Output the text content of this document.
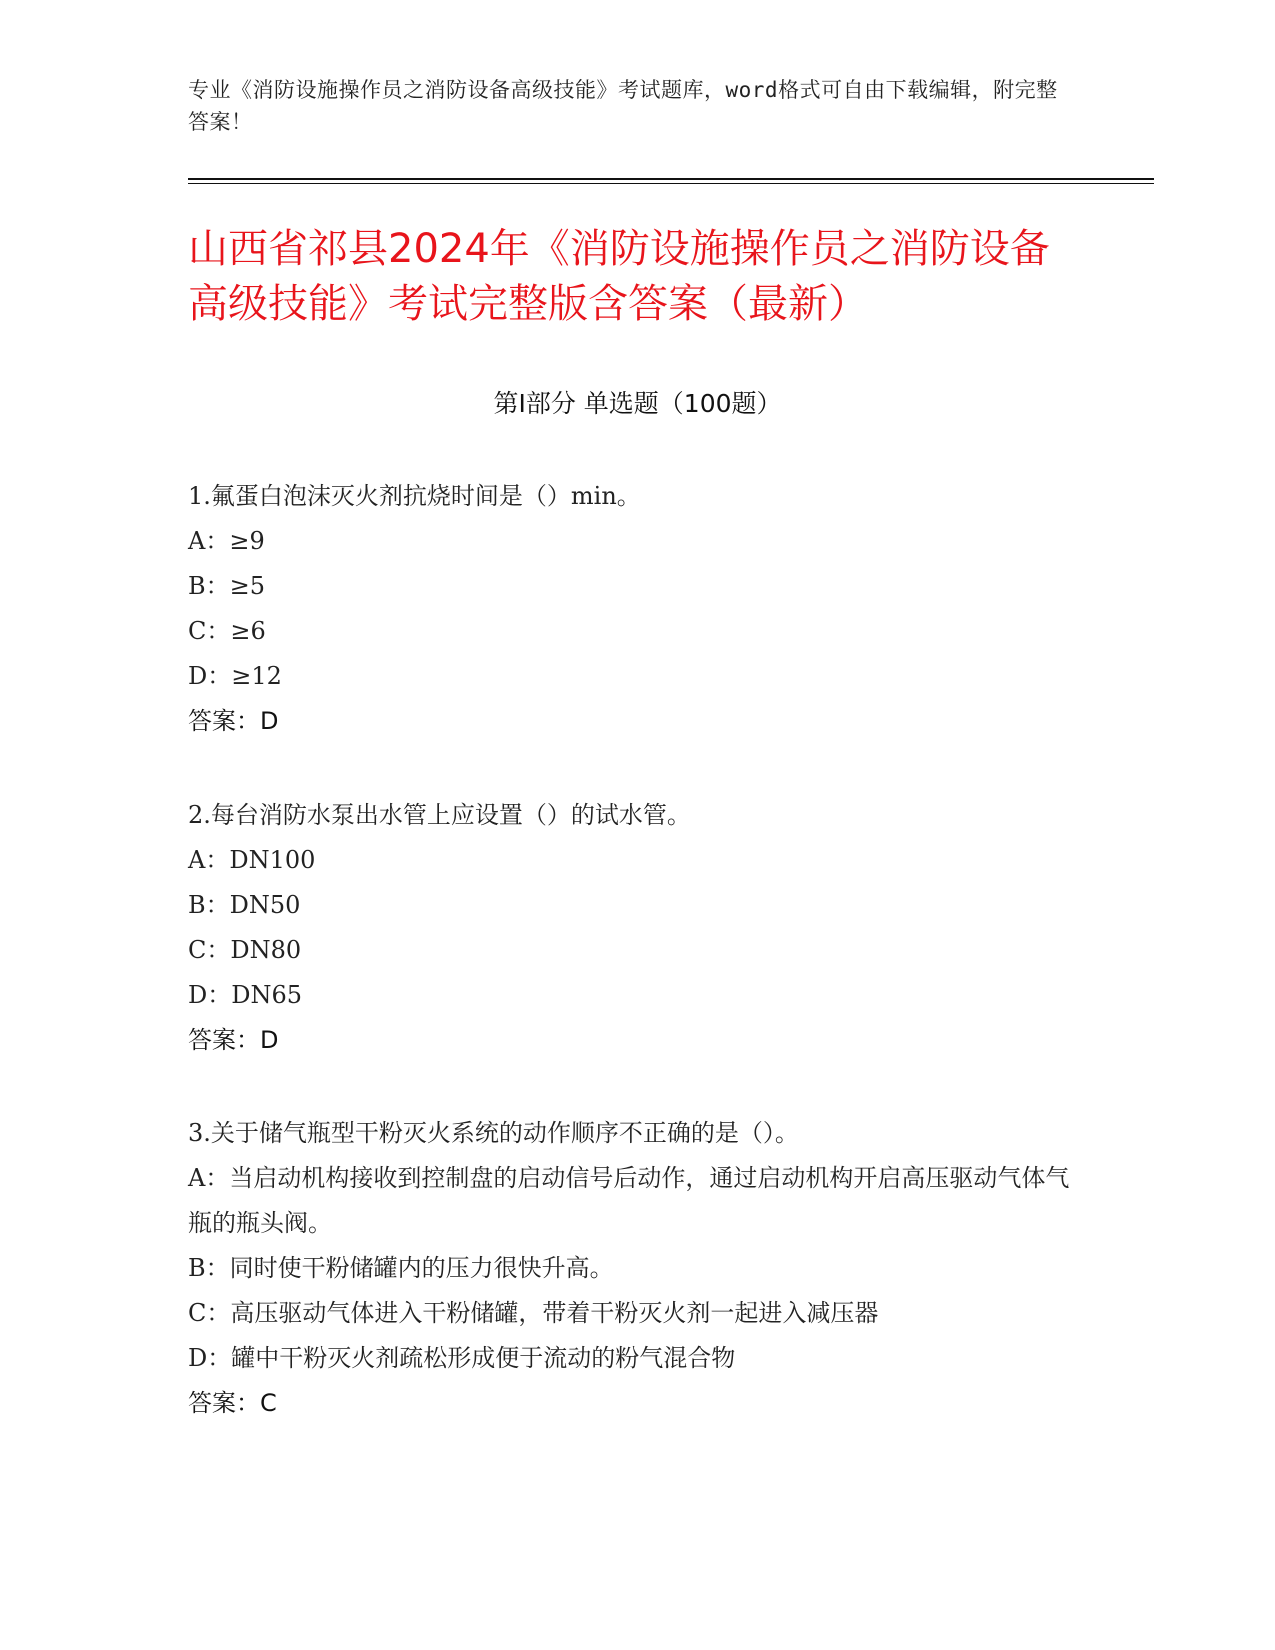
专业《消防设施操作员之消防设备高级技能》考试题库，word格式可自由下载编辑，附完整答案！
山西省祁县2024年《消防设施操作员之消防设备高级技能》考试完整版含答案（最新）
第Ⅰ部分 单选题（100题）
1.氟蛋白泡沫灭火剂抗烧时间是（）min。
A：≥9
B：≥5
C：≥6
D：≥12
答案：D
2.每台消防水泵出水管上应设置（）的试水管。
A：DN100
B：DN50
C：DN80
D：DN65
答案：D
3.关于储气瓶型干粉灭火系统的动作顺序不正确的是（）。
A：当启动机构接收到控制盘的启动信号后动作，通过启动机构开启高压驱动气体气瓶的瓶头阀。
B：同时使干粉储罐内的压力很快升高。
C：高压驱动气体进入干粉储罐，带着干粉灭火剂一起进入减压器
D：罐中干粉灭火剂疏松形成便于流动的粉气混合物
答案：C
